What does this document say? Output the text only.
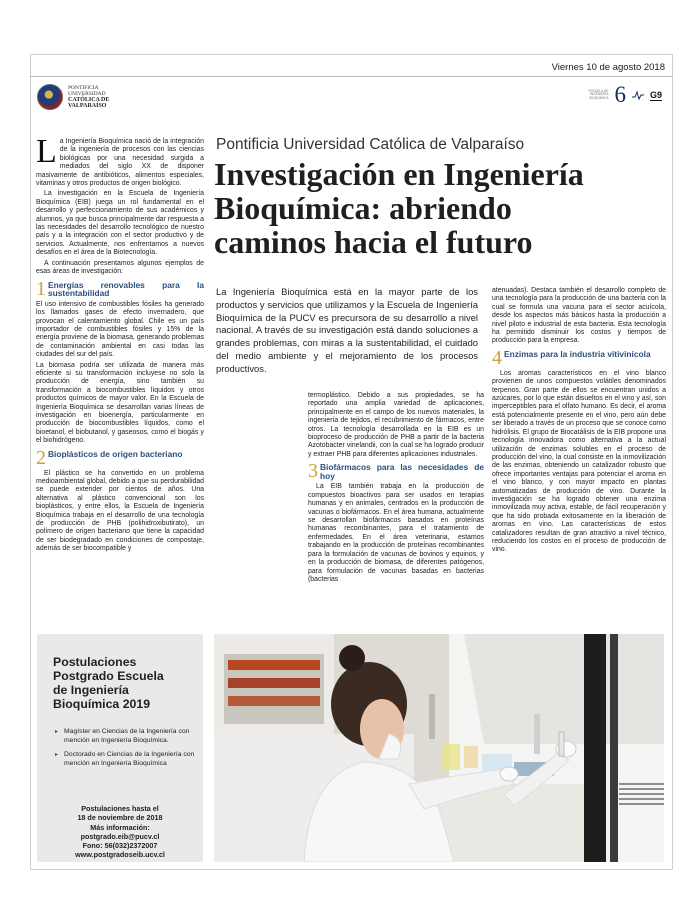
Viernes 10 de agosto 2018
PONTIFICIA
UNIVERSIDAD
CATÓLICA DE
VALPARAÍSO
ESCUELA DE INGENIERÍA BIOQUÍMICA 6	G9
Pontificia Universidad Católica de Valparaíso
Investigación en Ingeniería
Bioquímica: abriendo
caminos hacia el futuro

La Ingeniería Bioquímica está en la mayor parte de los productos y servicios que utilizamos y la Escuela de Ingeniería Bioquímica de la PUCV es precursora de su desarrollo a nivel nacional. A través de su investigación está dando soluciones a grandes problemas, con miras a la sustentabilidad, el cuidado del medio ambiente y el mejoramiento de los procesos productivos.

La Ingeniería Bioquímica nació de la integración de la ingeniería de procesos con las ciencias biológicas por una necesidad surgida a mediados del siglo XX de disponer masivamente de antibióticos, alimentos especiales, vitaminas y otros productos de origen biológico.

La investigación en la Escuela de Ingeniería Bioquímica (EIB) juega un rol fundamental en el desarrollo y perfeccionamiento de sus académicos y alumnos, ya que busca principalmente dar respuesta a las necesidades del desarrollo tecnológico de nuestro país y a la integración con el sector productivo y de servicios. Actualmente, nos enfrentamos a nuevos desafíos en el área de la Biotecnología.

A continuación presentamos algunos ejemplos de esas áreas de investigación:

1 Energías renovables para la sustentabilidad

El uso intensivo de combustibles fósiles ha generado los llamados gases de efecto invernadero, que provocan el calentamiento global. Chile es un país importador de combustibles fósiles y 15% de la energía proviene de la biomasa, generando problemas de contaminación ambiental en casi todas las ciudades del sur del país.

La biomasa podría ser utilizada de manera más eficiente si su transformación incluyese no solo la producción de energía, sino también su transformación a biocombustibles líquidos y otros productos químicos de mayor valor. En la Escuela de Ingeniería Bioquímica se desarrollan varias líneas de investigación en bioenergía, particularmente en producción de biocombustibles líquidos, como el bioetanol, el biobutanol, y gaseosos, como el biogás y el biohidrógeno.

2 Bioplásticos de origen bacteriano

El plástico se ha convertido en un problema medioambiental global, debido a que su perdurabilidad se puede extender por cientos de años. Una alternativa al plástico convencional son los bioplásticos, y entre ellos, la Escuela de Ingeniería Bioquímica trabaja en el desarrollo de una tecnología de producción de PHB (polihidroxibutirato), un polímero de origen bacteriano que tiene la capacidad de ser biodegradado en condiciones de compostaje, además de ser biocompatible y

termoplástico. Debido a sus propiedades, se ha reportado una amplia variedad de aplicaciones, principalmente en el campo de los nuevos materiales, la ingeniería de tejidos, el recubrimiento de fármacos, entre otros. La tecnología desarrollada en la EIB es un bioproceso de producción de PHB a partir de la bacteria Azotobacter vinelandii, con la cual se ha logrado producir y extraer PHB para diferentes aplicaciones industriales.

3 Biofármacos para las necesidades de hoy

La EIB también trabaja en la producción de compuestos bioactivos para ser usados en terapias humanas y en animales, centrados en la producción de vacunas o biofármacos. En el área humana, actualmente se desarrollan biofármacos basados en proteínas humanas recombinantes, para el tratamiento de enfermedades. En el área veterinaria, estamos trabajando en la producción de proteínas recombinantes para la formulación de vacunas de bovinos y equinos, y en la producción de biomasa, de diferentes patógenos, para formulación de vacunas basadas en bacterias (bacterias

atenuadas). Destaca también el desarrollo completo de una tecnología para la producción de una bacteria con la cual se formula una vacuna para el sector acuícola, desde los aspectos más básicos hasta la producción a nivel piloto e industrial de esta bacteria. Esta tecnología ha permitido disminuir los costos y tiempos de producción para la empresa.

4 Enzimas para la industria vitivinícola

Los aromas característicos en el vino blanco provienen de unos compuestos volátiles denominados terpenos. Gran parte de ellos se encuentran unidos a azúcares, por lo que están disueltos en el vino y así, son imperceptibles para el olfato humano. Es decir, el aroma está potencialmente presente en el vino, pero aún debe ser liberado a través de un proceso que se conoce como hidrólisis. El grupo de Biocatálisis de la EIB propone una tecnología innovadora como alternativa a la actual utilización de enzimas solubles en el proceso de producción del vino, la cual consiste en la inmovilización de las enzimas, obteniendo un catalizador robusto que ofrece importantes ventajas para potenciar el aroma en el vino blanco, y con mayor impacto en plantas automatizadas de producción de vino. Durante la investigación se ha logrado obtener una enzima inmovilizada muy activa, estable, de fácil recuperación y que ha sido probada exitosamente en la liberación de aromas en vino. Las características de estos catalizadores resultan de gran atractivo a nivel técnico, reduciendo los costos en el proceso de producción de vino.

Postulaciones
Postgrado Escuela
de Ingeniería
Bioquímica 2019
▸ Magíster en Ciencias de la Ingeniería con mención en Ingeniería Bioquímica.
▸ Doctorado en Ciencias de la Ingeniería con mención en Ingeniería Bioquímica
Postulaciones hasta el
18 de noviembre de 2018
Más información:
postgrado.eib@pucv.cl
Fono: 56(032)2372007
www.postgradoseib.ucv.cl
